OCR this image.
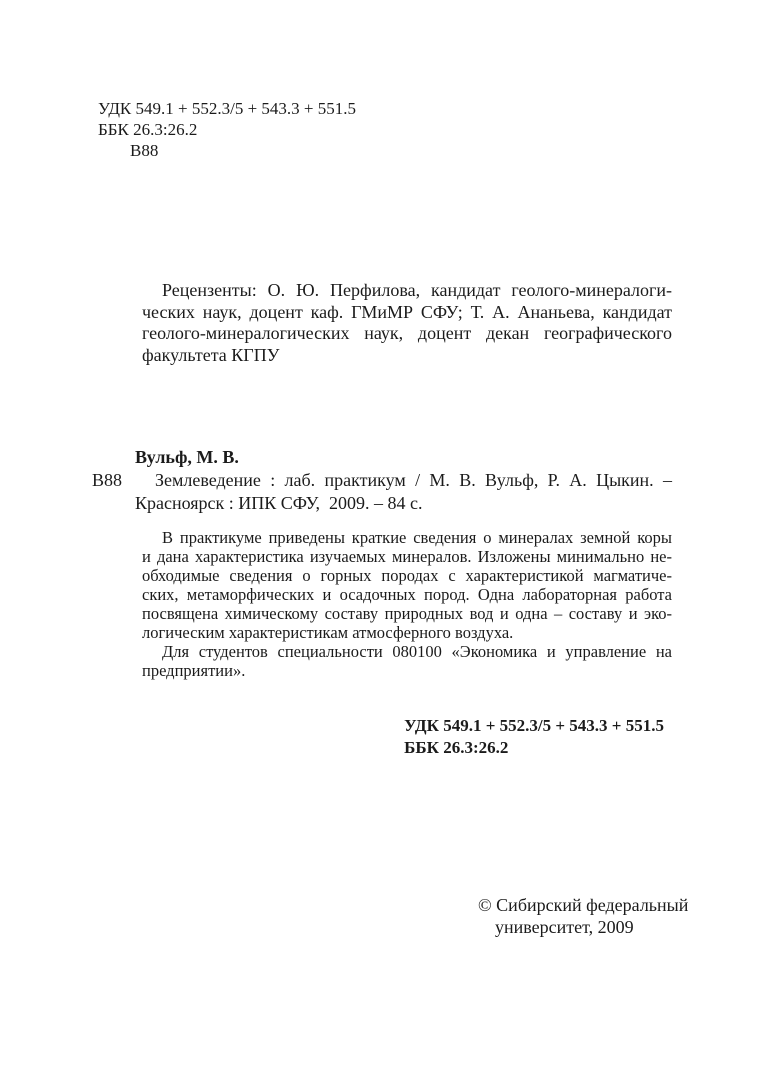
УДК 549.1 + 552.3/5 + 543.3 + 551.5
ББК 26.3:26.2
В88
Рецензенты: О. Ю. Перфилова, кандидат геолого-минералоги-
ческих наук, доцент каф. ГМиМР СФУ; Т. А. Ананьева, кандидат
геолого-минералогических наук, доцент декан географического
факультета КГПУ
Вульф, М. В.
В88	Землеведение : лаб. практикум / М. В. Вульф, Р. А. Цыкин. –
Красноярск : ИПК СФУ,  2009. – 84 с.
В практикуме приведены краткие сведения о минералах земной коры
и дана характеристика изучаемых минералов. Изложены минимально не-
обходимые сведения о горных породах с характеристикой магматиче-
ских, метаморфических и осадочных пород. Одна лабораторная работа
посвящена химическому составу природных вод и одна – составу и эко-
логическим характеристикам атмосферного воздуха.
Для студентов специальности 080100 «Экономика и управление на
предприятии».
УДК 549.1 + 552.3/5 + 543.3 + 551.5
ББК 26.3:26.2
© Сибирский федеральный
университет, 2009
